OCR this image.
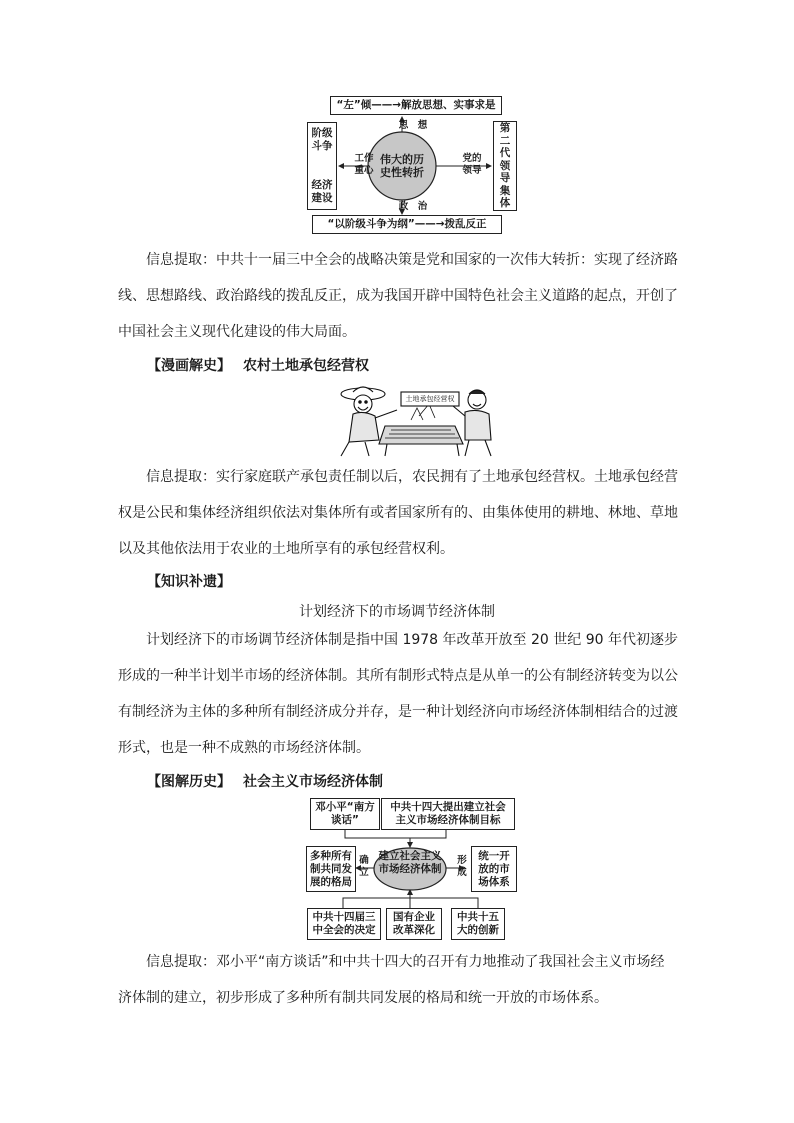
“左”倾——→解放思想、实事求是
“以阶级斗争为纲”——→拨乱反正
阶级斗争
经济建设
第二代领导集体
伟大的历史性转折
思　想
政　治
工作重心
党的领导

信息提取：中共十一届三中全会的战略决策是党和国家的一次伟大转折：实现了经济路线、思想路线、政治路线的拨乱反正，成为我国开辟中国特色社会主义道路的起点，开创了中国社会主义现代化建设的伟大局面。

【漫画解史】 农村土地承包经营权
土地承包经营权

信息提取：实行家庭联产承包责任制以后，农民拥有了土地承包经营权。土地承包经营权是公民和集体经济组织依法对集体所有或者国家所有的、由集体使用的耕地、林地、草地以及其他依法用于农业的土地所享有的承包经营权利。

【知识补遗】
计划经济下的市场调节经济体制

计划经济下的市场调节经济体制是指中国 1978 年改革开放至 20 世纪 90 年代初逐步形成的一种半计划半市场的经济体制。其所有制形式特点是从单一的公有制经济转变为以公有制经济为主体的多种所有制经济成分并存，是一种计划经济向市场经济体制相结合的过渡形式，也是一种不成熟的市场经济体制。

【图解历史】 社会主义市场经济体制
邓小平“南方谈话”
中共十四大提出建立社会主义市场经济体制目标
多种所有制共同发展的格局
统一开放的市场体系
建立社会主义市场经济体制
确立
形成
中共十四届三中全会的决定
国有企业改革深化
中共十五大的创新

信息提取：邓小平“南方谈话”和中共十四大的召开有力地推动了我国社会主义市场经济体制的建立，初步形成了多种所有制共同发展的格局和统一开放的市场体系。
